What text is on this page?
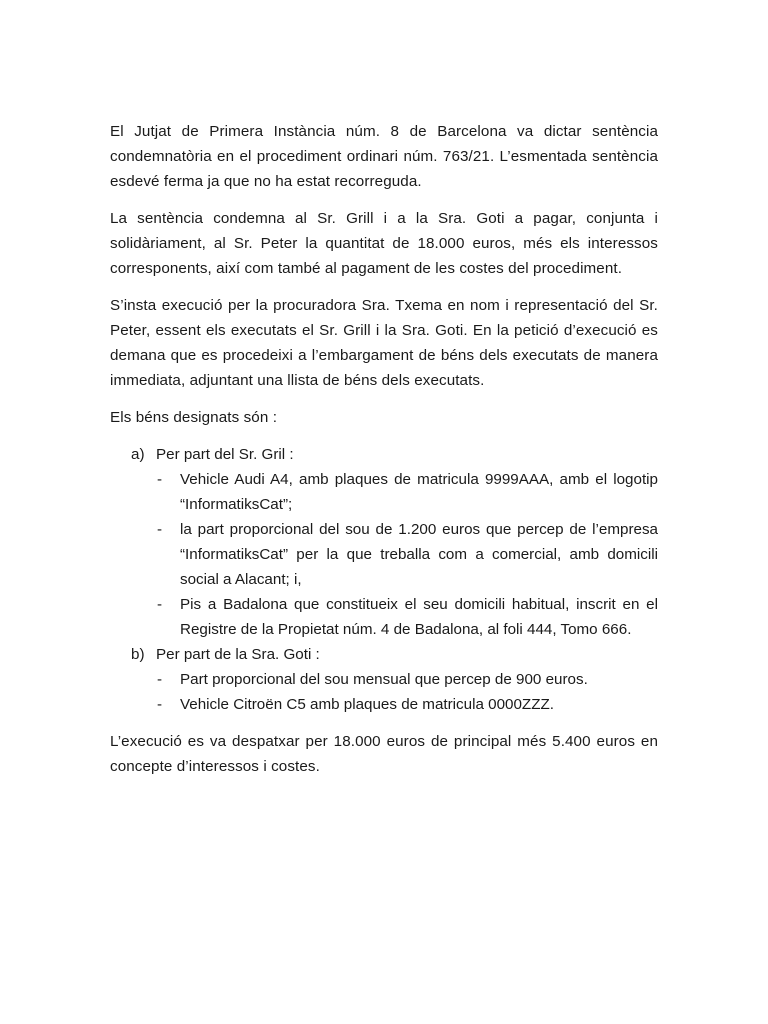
El Jutjat de Primera Instància núm. 8 de Barcelona va dictar sentència condemnatòria en el procediment ordinari núm. 763/21. L’esmentada sentència esdevé ferma ja que no ha estat recorreguda.

La sentència condemna al Sr. Grill i a la Sra. Goti a pagar, conjunta i solidàriament, al Sr. Peter la quantitat de 18.000 euros, més els interessos corresponents, així com també al pagament de les costes del procediment.

S’insta execució per la procuradora Sra. Txema en nom i representació del Sr. Peter, essent els executats el Sr. Grill i la Sra. Goti. En la petició d’execució es demana que es procedeixi a l’embargament de béns dels executats de manera immediata, adjuntant una llista de béns dels executats.

Els béns designats són :

a) Per part del Sr. Gril :
- Vehicle Audi A4, amb plaques de matricula 9999AAA, amb el logotip “InformatiksCat”;
- la part proporcional del sou de 1.200 euros que percep de l’empresa “InformatiksCat” per la que treballa com a comercial, amb domicili social a Alacant; i,
- Pis a Badalona que constitueix el seu domicili habitual, inscrit en el Registre de la Propietat núm. 4 de Badalona, al foli 444, Tomo 666.
b) Per part de la Sra. Goti :
- Part proporcional del sou mensual que percep de 900 euros.
- Vehicle Citroën C5 amb plaques de matricula 0000ZZZ.

L’execució es va despatxar per 18.000 euros de principal més 5.400 euros en concepte d’interessos i costes.
